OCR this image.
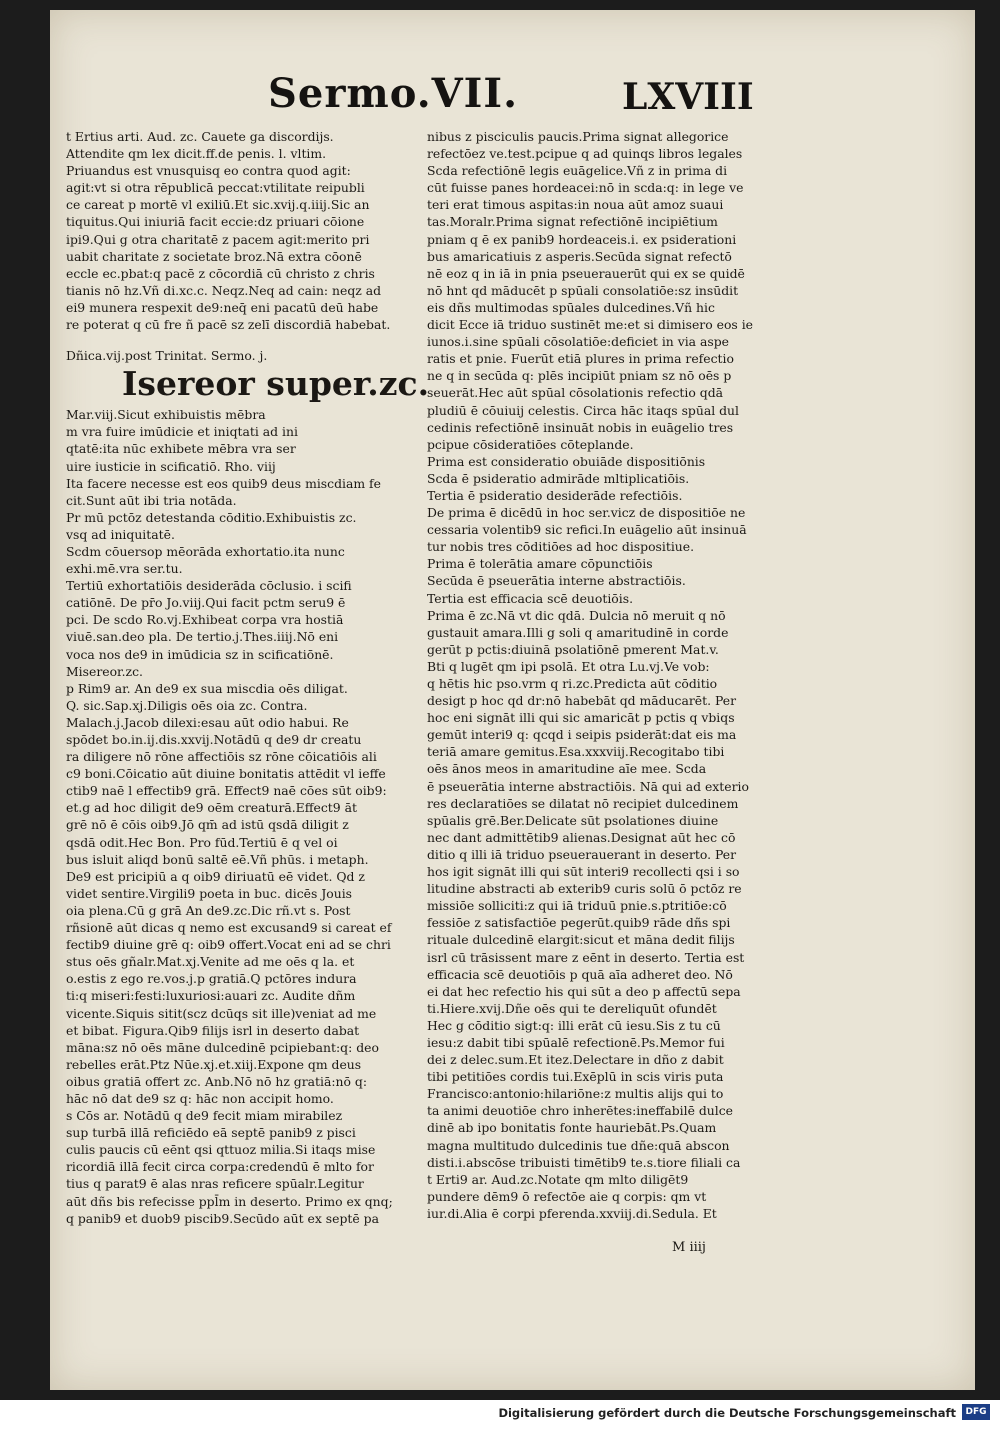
Sermo.VII.	LXVIII
t Ertius arti. Aud. zc. Cauete ga discordijs.
Attendite qm lex dicit.ff.de penis. l. vltim.
Priuandus est vnusquisq eo contra quod agit:
agit:vt si otra rēpublicā peccat:vtilitate reipubli
ce careat p mortē vl exiliū.Et sic.xvij.q.iiij.Sic an
tiquitus.Qui iniuriā facit eccie:dz priuari cōione
ipi9.Qui g otra charitatē z pacem agit:merito pri
uabit charitate z societate broz.Nā extra cōonē
eccle ec.pbat:q pacē z cōcordiā cū christo z chris
tianis nō hz.Vñ di.xc.c. Neqz.Neq ad cain: neqz ad
ei9 munera respexit de9:neq̄ eni pacatū deū habe
re poterat q cū fre ñ pacē sz zelī discordiā habebat.
Dñica.vij.post Trinitat. Sermo. j.
Isereor super.zc.
Mar.viij.Sicut exhibuistis mēbra
m vra fuire imūdicie et iniqtati ad ini
qtatē:ita nūc exhibete mēbra vra ser
uire iusticie in scificatiō. Rho. viij
Ita facere necesse est eos quib9 deus miscdiam fe
cit.Sunt aūt ibi tria notāda.
Pr mū pctōz detestanda cōditio.Exhibuistis zc.
vsq ad iniquitatē.
Scdm cōuersop mēorāda exhortatio.ita nunc
exhi.mē.vra ser.tu.
Tertiū exhortatiōis desiderāda cōclusio. i scifi
catiōnē. De pr̄o Jo.viij.Qui facit pctm seru9 ē
pci. De scdo Ro.vj.Exhibeat corpa vra hostiā
viuē.san.deo pla. De tertio.j.Thes.iiij.Nō eni
voca nos de9 in imūdicia sz in scificatiōnē.
Misereor.zc.
p Rim9 ar. An de9 ex sua miscdia oēs diligat.
Q. sic.Sap.xj.Diligis oēs oia zc. Contra.
Malach.j.Jacob dilexi:esau aūt odio habui. Re
spōdet bo.in.ij.dis.xxvij.Notādū q de9 dr creatu
ra diligere nō rōne affectiōis sz rōne cōicatiōis ali
c9 boni.Cōicatio aūt diuine bonitatis attēdit vl ieffe
ctib9 naē l effectib9 grā. Effect9 naē cōes sūt oib9:
et.g ad hoc diligit de9 oēm creaturā.Effect9 āt
grē nō ē cōis oib9.Jō qm̄ ad istū qsdā diligit z
qsdā odit.Hec Bon. Pro fūd.Tertiū ē q vel oi
bus isluit aliqd bonū saltē eē.Vñ phūs. i metaph.
De9 est pricipiū a q oib9 diriuatū eē videt. Qd z
videt sentire.Virgili9 poeta in buc. dicēs Jouis
oia plena.Cū g grā An de9.zc.Dic rñ.vt s. Post
rñsionē aūt dicas q nemo est excusand9 si careat ef
fectib9 diuine grē q: oib9 offert.Vocat eni ad se chri
stus oēs gñalr.Mat.xj.Venite ad me oēs q la. et
o.estis z ego re.vos.j.p gratiā.Q pctōres indura
ti:q miseri:festi:luxuriosi:auari zc. Audite dñm
vicente.Siquis sitit(scz dcūqs sit ille)veniat ad me
et bibat. Figura.Qib9 filijs isrl in deserto dabat
māna:sz nō oēs māne dulcedinē pcipiebant:q: deo
rebelles erāt.Ptz Nūe.xj.et.xiij.Expone qm deus
oibus gratiā offert zc. Anb.Nō nō hz gratiā:nō q:
hāc nō dat de9 sz q: hāc non accipit homo.
s Cōs ar. Notādū q de9 fecit miam mirabilez
sup turbā illā reficiēdo eā septē panib9 z pisci
culis paucis cū eēnt qsi qttuoz milia.Si itaqs mise
ricordiā illā fecit circa corpa:credendū ē mlto for
tius q parat9 ē alas nras reficere spūalr.Legitur
aūt dñs bis refecisse ppl̄m in deserto. Primo ex qnq;
q panib9 et duob9 piscib9.Secūdo aūt ex septē pa
nibus z pisciculis paucis.Prima signat allegorice
refectōez ve.test.pcipue q ad quinqs libros legales
Scda refectiōnē legis euāgelice.Vñ z in prima di
cūt fuisse panes hordeacei:nō in scda:q: in lege ve
teri erat timous aspitas:in noua aūt amoz suaui
tas.Moralr.Prima signat refectiōnē incipiētium
pniam q ē ex panib9 hordeaceis.i. ex psiderationi
bus amaricatiuis z asperis.Secūda signat refectō
nē eoz q in iā in pnia pseuerauerūt qui ex se quidē
nō hnt qd māducēt p spūali consolatiōe:sz insūdit
eis dñs multimodas spūales dulcedines.Vñ hic
dicit Ecce iā triduo sustinēt me:et si dimisero eos ie
iunos.i.sine spūali cōsolatiōe:deficiet in via aspe
ratis et pnie. Fuerūt etiā plures in prima refectio
ne q in secūda q: plēs incipiūt pniam sz nō oēs p
seuerāt.Hec aūt spūal cōsolationis refectio qdā
pludiū ē cōuiuij celestis. Circa hāc itaqs spūal dul
cedinis refectiōnē insinuāt nobis in euāgelio tres
pcipue cōsideratiōes cōteplande.
Prima est consideratio obuiāde dispositiōnis
Scda ē psideratio admirāde mltiplicatiōis.
Tertia ē psideratio desiderāde refectiōis.
De prima ē dicēdū in hoc ser.vicz de dispositiōe ne
cessaria volentib9 sic refici.In euāgelio aūt insinuā
tur nobis tres cōditiōes ad hoc dispositiue.
Prima ē tolerātia amare cōpunctiōis
Secūda ē pseuerātia interne abstractiōis.
Tertia est efficacia scē deuotiōis.
Prima ē zc.Nā vt dic qdā. Dulcia nō meruit q nō
gustauit amara.Illi g soli q amaritudinē in corde
gerūt p pctis:diuinā psolatiōnē pmerent Mat.v.
Bti q lugēt qm ipi psolā. Et otra Lu.vj.Ve vob:
q hētis hic pso.vrm q ri.zc.Predicta aūt cōditio
desigt p hoc qd dr:nō habebāt qd māducarēt. Per
hoc eni signāt illi qui sic amaricāt p pctis q vbiqs
gemūt interi9 q: qcqd i seipis psiderāt:dat eis ma
teriā amare gemitus.Esa.xxxviij.Recogitabo tibi
oēs ānos meos in amaritudine aīe mee. Scda
ē pseuerātia interne abstractiōis. Nā qui ad exterio
res declaratiōes se dilatat nō recipiet dulcedinem
spūalis grē.Ber.Delicate sūt psolationes diuine
nec dant admittētib9 alienas.Designat aūt hec cō
ditio q illi iā triduo pseuerauerant in deserto. Per
hos igit signāt illi qui sūt interi9 recollecti qsi i so
litudine abstracti ab exterib9 curis solū ō pctōz re
missiōe solliciti:z qui iā triduū pnie.s.ptritiōe:cō
fessiōe z satisfactiōe pegerūt.quib9 rāde dñs spi
rituale dulcedinē elargit:sicut et māna dedit filijs
isrl cū trāsissent mare z eēnt in deserto. Tertia est
efficacia scē deuotiōis p quā aīa adheret deo. Nō
ei dat hec refectio his qui sūt a deo p affectū sepa
ti.Hiere.xvij.Dñe oēs qui te dereliquūt ofundēt
Hec g cōditio sigt:q: illi erāt cū iesu.Sis z tu cū
iesu:z dabit tibi spūalē refectionē.Ps.Memor fui
dei z delec.sum.Et itez.Delectare in dño z dabit
tibi petitiōes cordis tui.Exēplū in scis viris puta
Francisco:antonio:hilariōne:z multis alijs qui to
ta animi deuotiōe chro inherētes:ineffabilē dulce
dinē ab ipo bonitatis fonte hauriebāt.Ps.Quam
magna multitudo dulcedinis tue dñe:quā abscon
disti.i.abscōse tribuisti timētib9 te.s.tiore filiali ca
t Erti9 ar. Aud.zc.Notate qm mlto diligēt9
pundere dēm9 ō refectōe aie q corpis: qm vt
iur.di.Alia ē corpi pferenda.xxviij.di.Sedula. Et
M iiij
Digitalisierung gefördert durch die Deutsche Forschungsgemeinschaft	DFG
